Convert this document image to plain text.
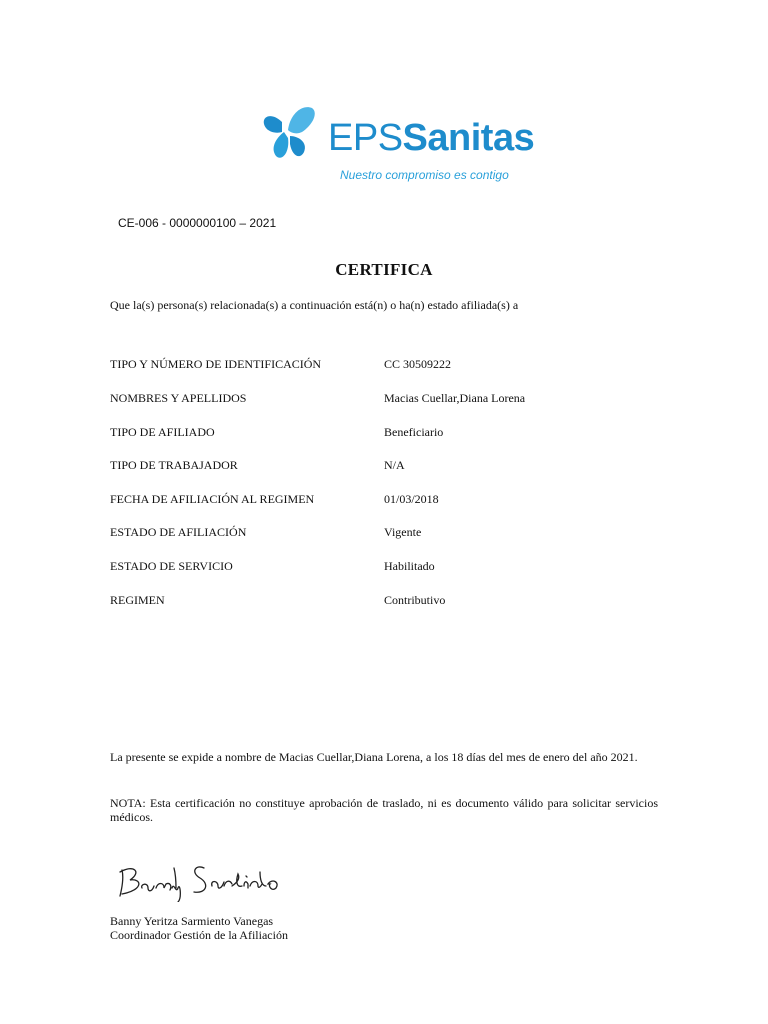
EPSSanitas
Nuestro compromiso es contigo
CE-006 - 0000000100 – 2021
CERTIFICA
Que la(s) persona(s) relacionada(s) a continuación está(n) o ha(n) estado afiliada(s) a
TIPO Y NÚMERO DE IDENTIFICACIÓN	CC 30509222
NOMBRES Y APELLIDOS	Macias Cuellar,Diana Lorena
TIPO DE AFILIADO	Beneficiario
TIPO DE TRABAJADOR	N/A
FECHA DE AFILIACIÓN AL REGIMEN	01/03/2018
ESTADO DE AFILIACIÓN	Vigente
ESTADO DE SERVICIO	Habilitado
REGIMEN	Contributivo
La presente se expide a nombre de Macias Cuellar,Diana Lorena, a los 18 días del mes de enero del año 2021.
NOTA: Esta certificación no constituye aprobación de traslado, ni es documento válido para solicitar servicios médicos.
Banny Yeritza Sarmiento Vanegas
Coordinador Gestión de la Afiliación
